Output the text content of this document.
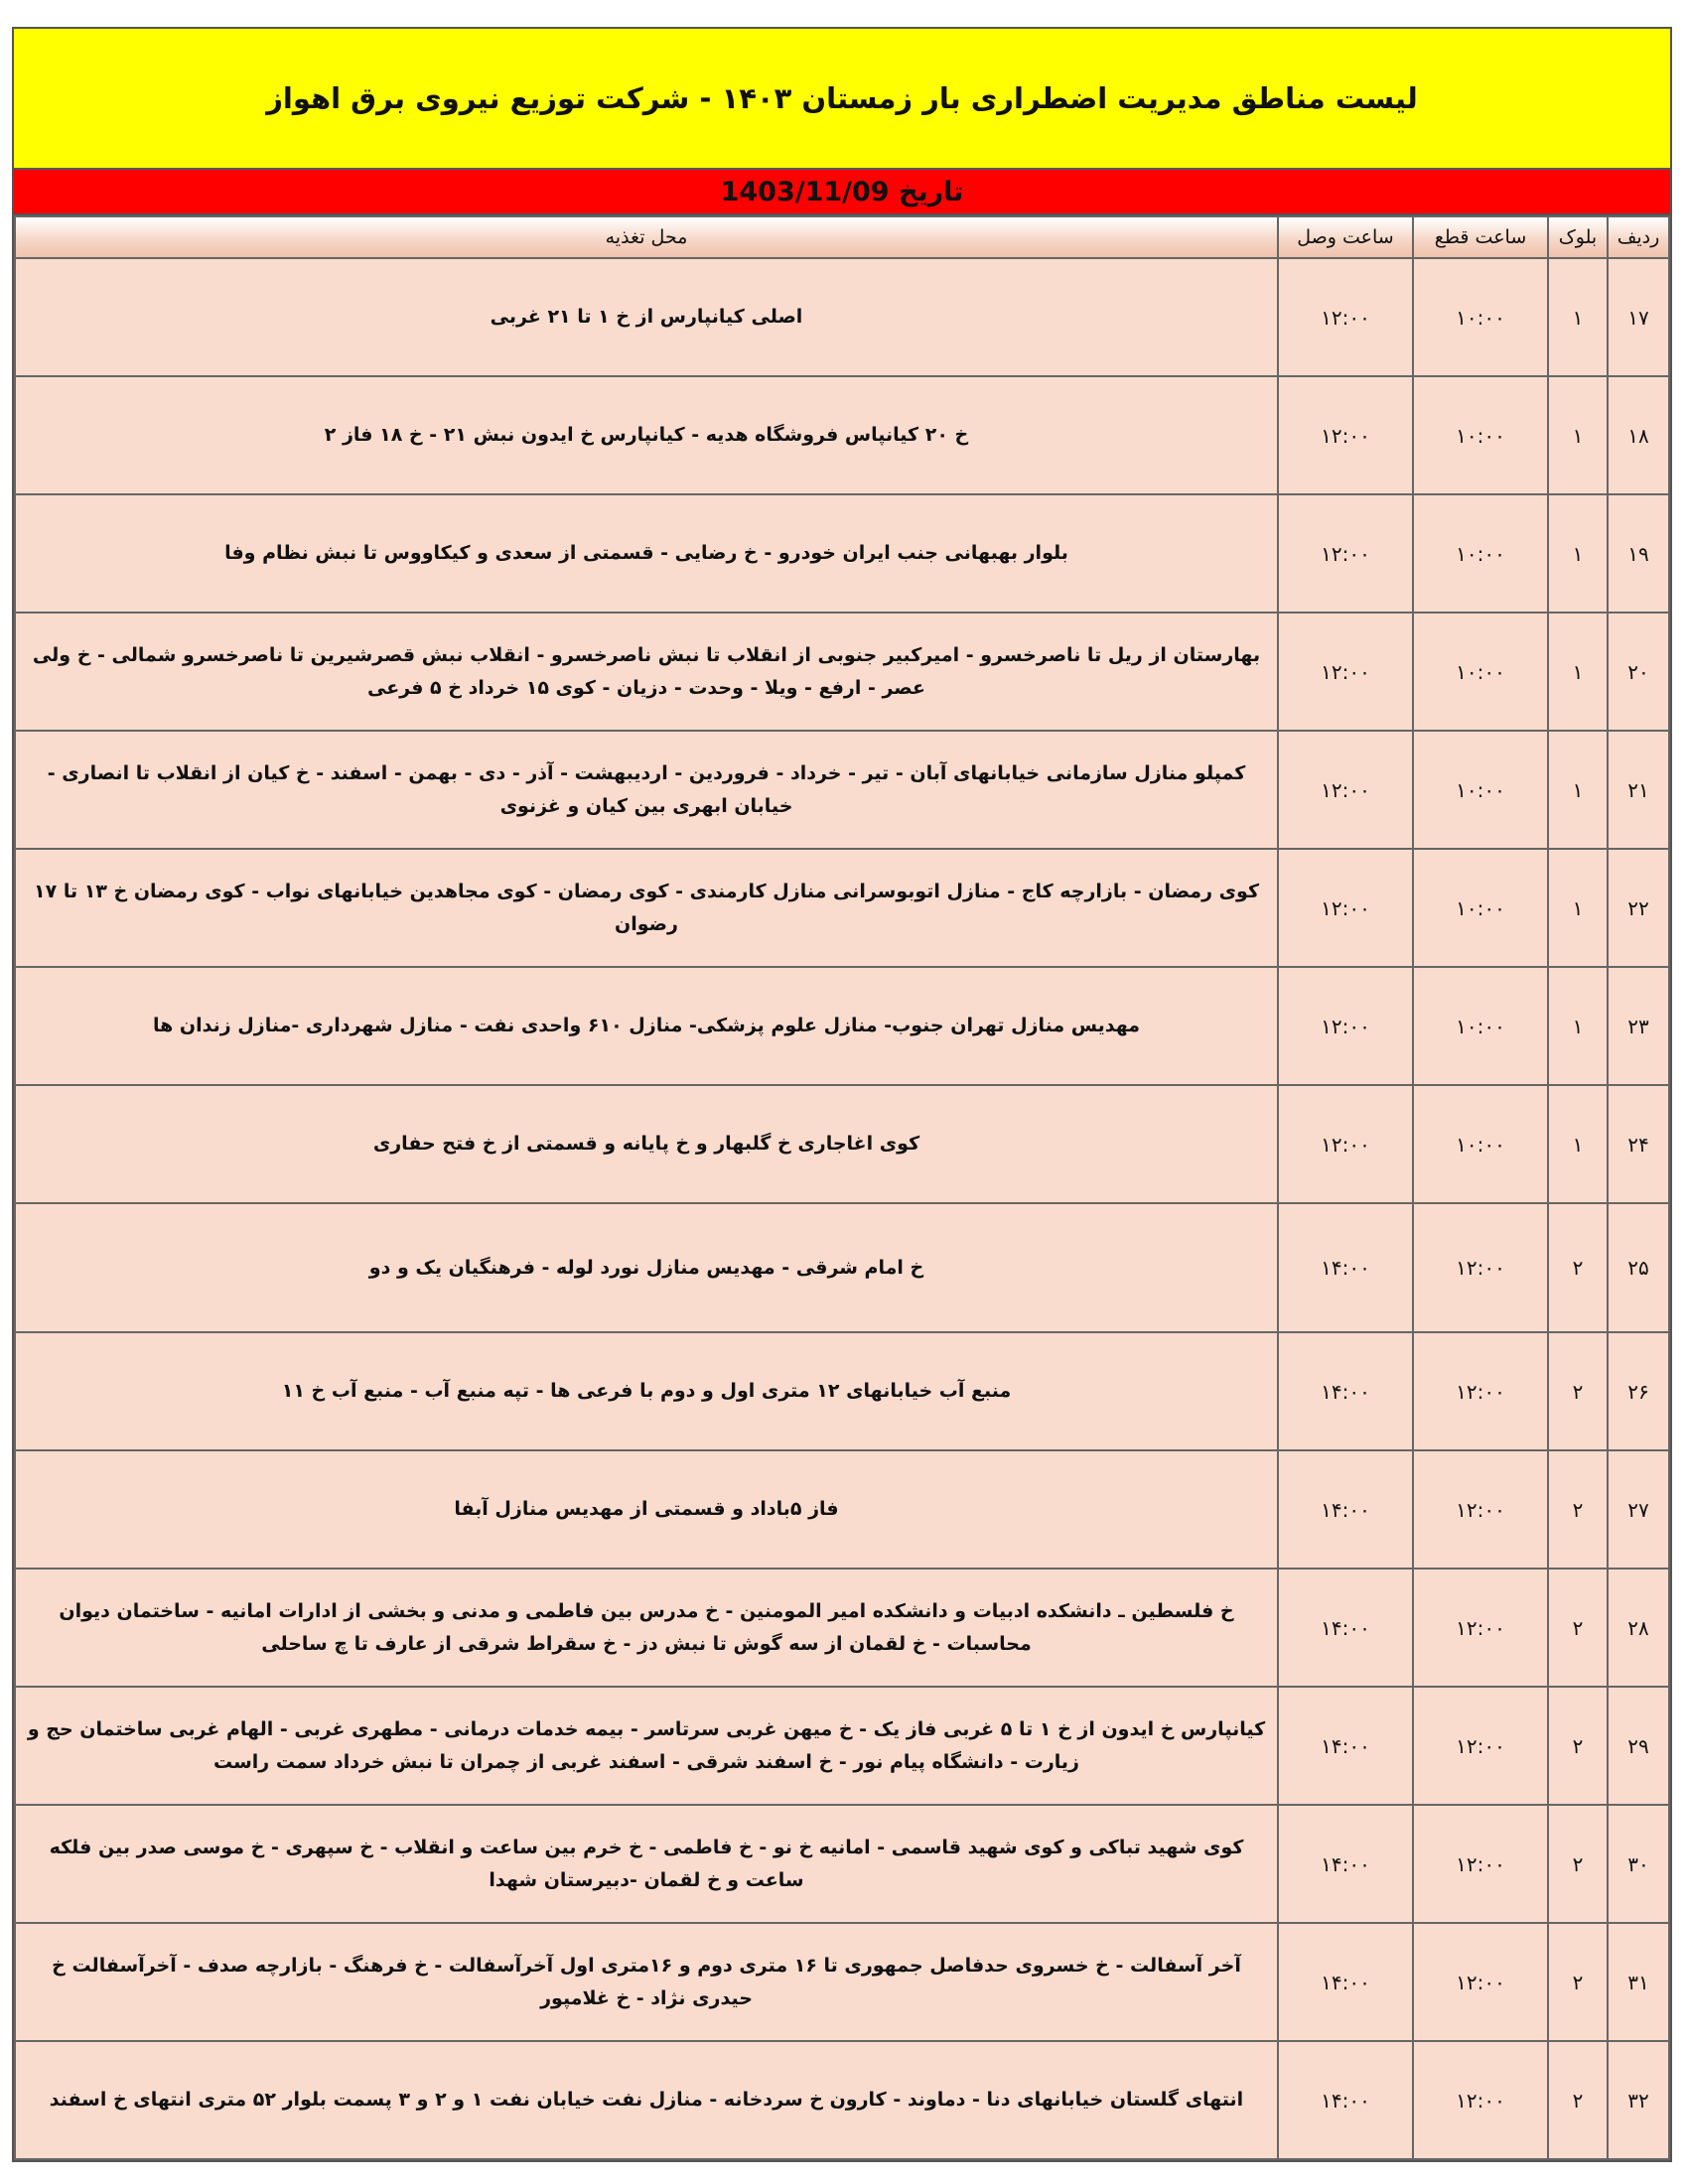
لیست مناطق مدیریت اضطراری بار زمستان ۱۴۰۳ - شرکت توزیع نیروی برق اهواز
تاریخ 1403/11/09
ردیف	بلوک	ساعت قطع	ساعت وصل	محل تغذیه
۱۷	۱	۱۰:۰۰	۱۲:۰۰	اصلی کیانپارس از خ ۱ تا ۲۱ غربی
۱۸	۱	۱۰:۰۰	۱۲:۰۰	خ ۲۰ کیانپاس فروشگاه هدیه - کیانپارس خ ایدون نبش ۲۱ - خ ۱۸ فاز ۲
۱۹	۱	۱۰:۰۰	۱۲:۰۰	بلوار بهبهانی جنب ایران خودرو - خ رضایی - قسمتی از سعدی و کیکاووس تا نبش نظام وفا
۲۰	۱	۱۰:۰۰	۱۲:۰۰	بهارستان از ریل تا ناصرخسرو - امیرکبیر جنوبی از انقلاب تا نبش ناصرخسرو - انقلاب نبش قصرشیرین تا ناصرخسرو شمالی - خ ولی عصر - ارفع - ویلا - وحدت - دزیان - کوی ۱۵ خرداد خ ۵ فرعی
۲۱	۱	۱۰:۰۰	۱۲:۰۰	کمپلو منازل سازمانی خیابانهای آبان - تیر - خرداد - فروردین - اردیبهشت - آذر - دی - بهمن - اسفند - خ کیان از انقلاب تا انصاری - خیابان ابهری بین کیان و غزنوی
۲۲	۱	۱۰:۰۰	۱۲:۰۰	کوی رمضان - بازارچه کاج - منازل اتوبوسرانی منازل کارمندی - کوی رمضان - کوی مجاهدین خیابانهای نواب - کوی رمضان خ ۱۳ تا ۱۷ رضوان
۲۳	۱	۱۰:۰۰	۱۲:۰۰	مهدیس منازل تهران جنوب- منازل علوم پزشکی- منازل ۶۱۰ واحدی نفت - منازل شهرداری -منازل زندان ها
۲۴	۱	۱۰:۰۰	۱۲:۰۰	کوی اغاجاری خ گلبهار و خ پایانه و قسمتی از خ فتح حفاری
۲۵	۲	۱۲:۰۰	۱۴:۰۰	خ امام شرقی - مهدیس منازل نورد لوله - فرهنگیان یک و دو
۲۶	۲	۱۲:۰۰	۱۴:۰۰	منبع آب خیابانهای ۱۲ متری اول و دوم با فرعی ها - تپه منبع آب - منبع آب خ ۱۱
۲۷	۲	۱۲:۰۰	۱۴:۰۰	فاز ۵باداد و قسمتی از مهدیس منازل آبفا
۲۸	۲	۱۲:۰۰	۱۴:۰۰	خ فلسطین ـ دانشکده ادبیات و دانشکده امیر المومنین - خ مدرس بین فاطمی و مدنی و بخشی از ادارات امانیه - ساختمان دیوان محاسبات - خ لقمان از سه گوش تا نبش دز - خ سقراط شرقی از عارف تا چ ساحلی
۲۹	۲	۱۲:۰۰	۱۴:۰۰	کیانپارس خ ایدون از خ ۱ تا ۵ غربی فاز یک - خ میهن غربی سرتاسر - بیمه خدمات درمانی - مطهری غربی - الهام غربی ساختمان حج و زیارت - دانشگاه پیام نور - خ اسفند شرقی - اسفند غربی از چمران تا نبش خرداد سمت راست
۳۰	۲	۱۲:۰۰	۱۴:۰۰	کوی شهید تباکی و کوی شهید قاسمی - امانیه خ نو - خ فاطمی - خ خرم بین ساعت و انقلاب - خ سپهری - خ موسی صدر بین فلکه ساعت و خ لقمان -دبیرستان شهدا
۳۱	۲	۱۲:۰۰	۱۴:۰۰	آخر آسفالت - خ خسروی حدفاصل جمهوری تا ۱۶ متری دوم و ۱۶متری اول آخرآسفالت - خ فرهنگ - بازارچه صدف - آخرآسفالت خ حیدری نژاد - خ غلامپور
۳۲	۲	۱۲:۰۰	۱۴:۰۰	انتهای گلستان خیابانهای دنا - دماوند - کارون خ سردخانه - منازل نفت خیابان نفت ۱ و ۲ و ۳ پسمت بلوار ۵۲ متری انتهای خ اسفند
